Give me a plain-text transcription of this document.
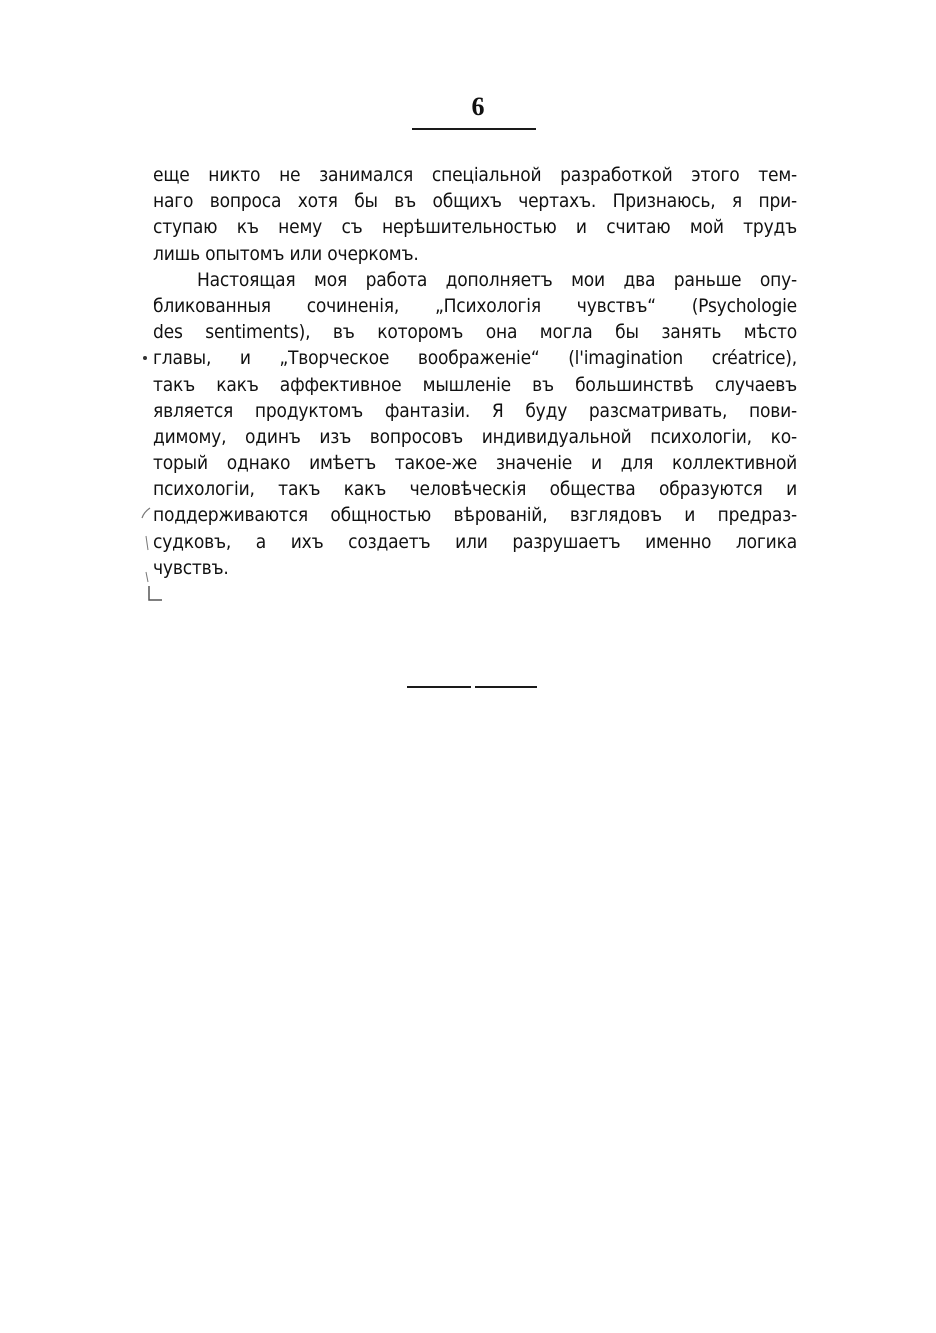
6
еще никто не занимался спеціальной разработкой этого тем-
наго вопроса хотя бы въ общихъ чертахъ. Признаюсь, я при-
ступаю къ нему съ нерѣшительностью и считаю мой трудъ
лишь опытомъ или очеркомъ.
Настоящая моя работа дополняетъ мои два раньше опу-
бликованныя сочиненія, „Психологія чувствъ“ (Psychologie
des sentiments), въ которомъ она могла бы занять мѣсто
главы, и „Творческое воображеніе“ (l'imagination créatrice),
такъ какъ аффективное мышленіе въ большинствѣ случаевъ
является продуктомъ фантазіи. Я буду разсматривать, пови-
димому, одинъ изъ вопросовъ индивидуальной психологіи, ко-
торый однако имѣетъ такое-же значеніе и для коллективной
психологіи, такъ какъ человѣческія общества образуются и
поддерживаются общностью вѣрованій, взглядовъ и предраз-
судковъ, а ихъ создаетъ или разрушаетъ именно логика
чувствъ.
